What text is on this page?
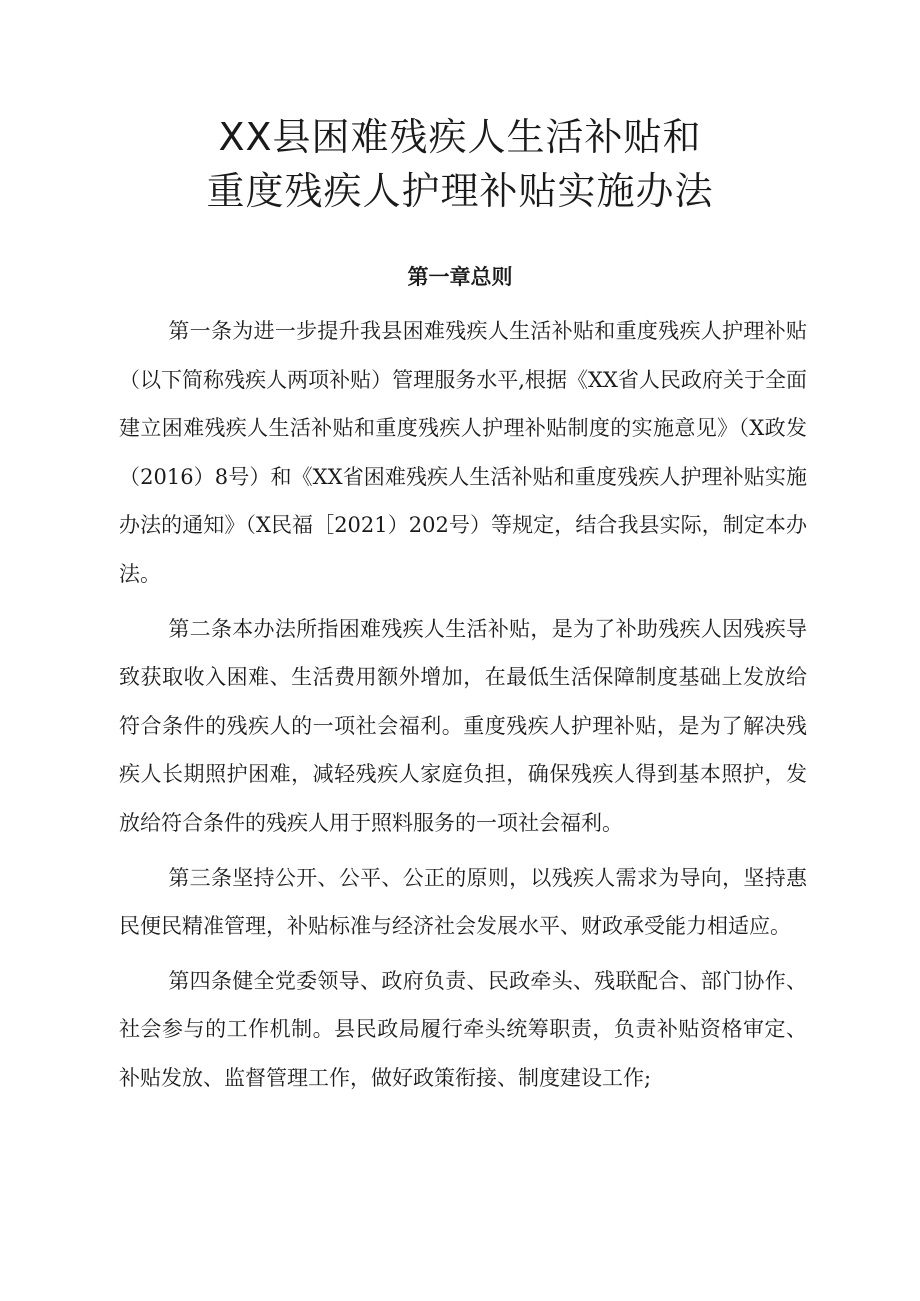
XX县困难残疾人生活补贴和
重度残疾人护理补贴实施办法
第一章总则

第一条为进一步提升我县困难残疾人生活补贴和重度残疾人护理补贴（以下简称残疾人两项补贴）管理服务水平,根据《XX省人民政府关于全面建立困难残疾人生活补贴和重度残疾人护理补贴制度的实施意见》（X政发（2016）8号）和《XX省困难残疾人生活补贴和重度残疾人护理补贴实施办法的通知》（X民福［2021）202号）等规定，结合我县实际，制定本办法。

第二条本办法所指困难残疾人生活补贴，是为了补助残疾人因残疾导致获取收入困难、生活费用额外增加，在最低生活保障制度基础上发放给符合条件的残疾人的一项社会福利。重度残疾人护理补贴，是为了解决残疾人长期照护困难，减轻残疾人家庭负担，确保残疾人得到基本照护，发放给符合条件的残疾人用于照料服务的一项社会福利。

第三条坚持公开、公平、公正的原则，以残疾人需求为导向，坚持惠民便民精准管理，补贴标准与经济社会发展水平、财政承受能力相适应。

第四条健全党委领导、政府负责、民政牵头、残联配合、部门协作、社会参与的工作机制。县民政局履行牵头统筹职责，负责补贴资格审定、补贴发放、监督管理工作，做好政策衔接、制度建设工作;
